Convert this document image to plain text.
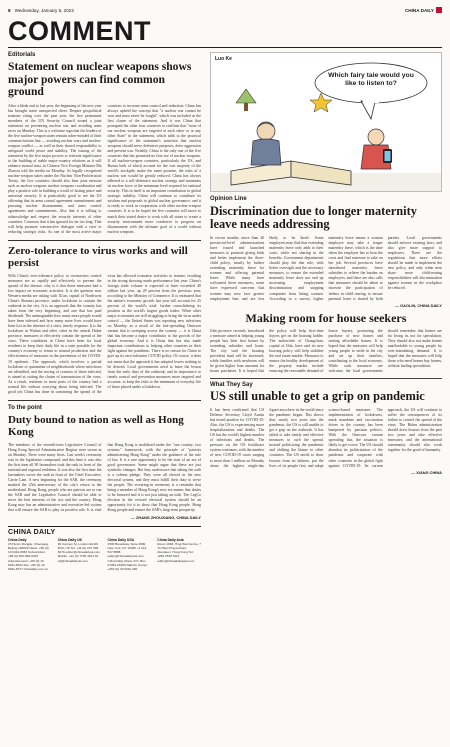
8 Wednesday, January 5, 2022	CHINA DAILY
COMMENT
Editorials
Statement on nuclear weapons shows major powers can find common ground
After a bleak end to last year, the beginning of the new year has brought some unexpected cheer. Despite geopolitical tensions rising over the past year, the five permanent members of the UN Security Council issued a joint statement on preventing nuclear war and avoiding arms races on Monday. This is a welcome sign that the leaders of the five nuclear-weapon states remain sober-minded of their common bottom line — avoiding nuclear wars and nuclear-weapon conflict — as well as their shared responsibility to safeguard world peace and stability. The issuing of the statement by the five major powers to reiterate significance to the building of stable major-country relations as it will enhance mutual trust, as Chinese Vice Foreign Minister Ma Zhaoxu told the media on Monday. As legally recognized nuclear-weapon states under the Nuclear Non-Proliferation Treaty, the five countries should also bear joint mission such as nuclear weapons nuclear weapons coordination and play a positive role in building a world of lasting peace and universal security. It is particularly good to see the US affirming that its arms control agreement commitments and pursuing nuclear disarmament, and arms control agreements and commitments. Also that it is willing to acknowledge and respect the security interests of other countries. Concerns that it has ignored for far too long. That will help promote constructive dialogue with a view to reducing strategic risks. As one of the most active major countries to increase arms control and reduction, China has always upheld the concept that "a nuclear war cannot be won and must never be fought", which was included as the first clause of the statement. And it was China that prompted the other four countries to reaffirm that "none of our nuclear weapons are targeted at each other or at any other State" in the statement, which adds to the practical significance of the statement's assertion that nuclear weapons should serve defensive purposes, deter aggression and prevent war. Notably, China is the only one of the five countries that has promised no first use of nuclear weapons. If all nuclear-weapon countries, particularly the US, and Russia both of which account for the vast majority of the world's stockpile, make the same promise, the risks of a nuclear war would be greatly reduced. China has always adhered to a self-defensive nuclear strategy and maintains its nuclear force at the minimum level required for national security. This in itself is an important contribution to global strategic stability. China will continue to contribute its wisdom and proposals to global nuclear governance, and it is ready to work in cooperation with other nuclear-weapon countries. It is to be hoped the five countries will move to match their stated desire to work with all states to create a security environment more conducive to progress on disarmament with the ultimate goal of a world without nuclear weapons.
Zero-tolerance to virus works and will persist
With China's zero-tolerance policy to coronavirus control measures are so rapidly and effectively to prevent the spread of the disease, why is it that these measures had a low impact on economic activities. It is the question now Western media are asking with Xi'an, capital of Northwest China's Shaanxi province, under lockdown to contain the outbreak in the city. It is an approach that the country has taken from the very beginning, and one that has paid dividends. The unimaginable how many more people would have been infected and how many more lives would have been lost in the absence of a strict, timely response. It is the lockdown in Wuhan and other cities in the central Hubei province, measures to effectively contain the spread of the virus. These conditions in China have been for local residents to keep their daily life in a state possible for the country's economy to return to normal production and the effectiveness of measures in the prevention of the COVID-19 epidemic. The approach, which involves a partial lockdown or quarantine of neighborhoods where infections are identified, and the tracing of contacts of those infected, is aimed at cutting the chains of transmission of the virus. As a result, residents in most parts of the country had a normal life without worrying about being infected. The good job China has done in containing the spread of the virus has allowed economic activities to resume, resulting in the strong showing made performance last year. China's foreign trade volume is expected to have exceeded 40 trillion last year, up 20 percent from the previous year, according to the Ministry of Commerce. It is estimated that the nation's economic growth last year will account for 25 percent of the world's total, further consolidating its position as the world's largest goods trader. When other major economies are still struggling to bring the virus under control — the United States was reporting new infections on Monday, as a result of the fast-spreading Omicron variant that is sweeping across the country — it is China that has become a major contributor to the growth of the global economy. And it is China that has also made important contributions to helping other countries in their fight against the pandemic. There is no reason for China to give up its zero-tolerance COVID policy. Of course, it does not mean that the approach it has adopted leaves nothing to be desired. Local governments need to learn the lesson from the early days of the outbreak, and its importance to timely control and prevention measures more targeted and accurate, to keep the risks to the minimum of everyday life of those placed under a lockdown.
To the point
Duty bound to nation as well as Hong Kong
The members of the seventh-term Legislative Council of Hong Kong Special Administrative Region were sworn in on Monday. There were many firsts. Last week's ceremony was in the legislature compound, and this time it was also the first time all 90 lawmakers took the oath in front of the national and regional emblems. It was also the first time the lawmakers swore the oath in front of the Chief Executive, Carrie Lam. A new beginning for the SAR, the ceremony marked the 25th anniversary of the city's return to the motherland. Hong Kong, people who are patriots are to run the SAR and the Legislative Council should be able to serve the best interests of the city and the country. Hong Kong now has an administrative and executive-led system that will ensure the SAR to play its positive role. It is vital that Hong Kong is mobilized under the "one country, two systems" framework, with the principle of "patriots administering Hong Kong" under the guidance of the rule of law. It is a rare opportunity to be the start of an era of good governance. Some might argue that these are just symbolic changes. But they underscore that taking the oath is a solemn pledge. They were all elected in the new electoral system, and they must fulfill their duty to serve the people. The swearing-in ceremony is a reminder that being a member of Hong Kong's new era means that duties to be honored and it is not just taking an oath. The LegCo election in the revised electoral system should be an opportunity for it to show that Hong Kong people. Hong Kong people and ensure the SAR's long-term prosperity.
— ZHANG ZHOUXIANG, CHINA DAILY
CHINA DAILY
China Daily
15 Huixin Dongjie, Chaoyang, Beijing 100029 News: +86 (0) 10 6491-8366 Subscription: +86 (0) 400-699-0203 Advertisement: +86 (0) 10 6491-8631 Fax: +86 (0) 10 6491-8377 chinadaily.com.cn
China Daily UK
90 Cannon St, London EC4N 6HA, UK Tel: +44 (0) 207 398 8270 editor@chinadailyuk.com Mobile: +44 (0) 7799 4421 91 cd@chinadailyuk.com
China Daily USA
1500 Broadway, Suite 2800, New York, NY 10036 +1 212 537 8888 editor@chinadailyusa.com China Daily Africa: P.O. Box 27281-00100 Nairobi, Kenya +254 (0) 20 6922 300
China Daily Asia
Room 1818, Hing Wai Centre, 7 Tin Wan Praya Road, Aberdeen, Hong Kong Tel: +852 2518 5111 editor@chinadailyasia.com
Luo Ke
Which fairy tale would you like to listen to?
Opinion Line
Discrimination due to longer maternity leave needs addressing
In recent months, more than 20 provincial-level administrations have issued and launched measures to promote giving birth and better implement the three-child policy, mostly by further extending maternity leave for women and offering parental leave. While many have welcomed these measures, some have expressed concerns that women may now face greater employment bias and are less likely to be hired. Some employers may find that extending maternity leave only adds to their costs, while not sharing in the benefits. Government departments should play the due role, with better oversight and the necessary measures, to ensure the extended maternity leave does not end up increasing employment discrimination and stopping companies from hiring women. According to a survey, higher maternity leave means a woman employee may take a longer maternity leave, which is the time when the employer has to bear the costs and find someone to take on her job. Several provinces have introduced maternity leave subsidies to relieve the burden on employers, and there are also calls that measures should be taken to increase the participation of fathers in child rearing, to ensure parental leave is shared by both parents. Local governments should enforce existing laws, and also give more support to employers. There are the regulations that more efforts should be made to implement the new policy, and only when men share more child-rearing responsibilities will discrimination against women in the workplace be reduced.
— GAOLIN, CHINA DAILY
Making room for house seekers
Jilin province recently introduced a measure aimed at helping young people buy their first homes by extending subsidies and loans. The city said the housing provident fund will be increased, while families with newborns will be given higher loan amounts for house purchases. It is hoped that the policy will help first-time buyers get on the housing ladder. The authorities of Changchun, capital of Jilin, have said its new housing policy will help stabilize the real estate market. Measures to ensure the healthy development of the property market include ensuring the reasonable demand of house buyers, promoting the purchase of new homes and renting affordable homes. It is hoped that the measures will help young people to settle in the city and set up their families, contributing to the local economy. While such measures are welcome, the local governments should remember that homes are for living in, not for speculation. They should also not make homes unaffordable to young people by over-stimulating demand. It is hoped that the measures will help those who need homes buy homes, without fueling speculation.
What They Say
US still unable to get a grip on pandemic
It has been confirmed that US Defense Secretary Lloyd Austin has tested positive for COVID-19. Also, the US is experiencing more hospitalizations and deaths. The US has the world's highest number of infections and deaths. The pressure on the US healthcare system continues, with the number of new COVID-19 cases surging to more than 1 million on Monday alone, the highest single-day figure anywhere in the world since the pandemic began. This shows that, nearly two years into the pandemic, the US is still unable to get a grip on the outbreak. It has failed to take timely and effective measures to curb the spread, instead politicizing the pandemic and shifting the blame to other countries. The US needs to draw lessons from its failures, put the lives of its people first, and adopt science-based measures. The implementation of lockdowns, mask mandates and vaccination drives in the country has been hampered by partisan politics. With the Omicron variant spreading fast, the situation is likely to get worse. The US should abandon its politicization of the pandemic and cooperate with other countries in the global fight against COVID-19. Its current approach, the US will continue to suffer the consequences of its failure to control the spread of the virus. The Biden administration should draw lessons from the past two years and take effective measures, and the international community should also work together for the good of humanity.
— XIANG CHINA
